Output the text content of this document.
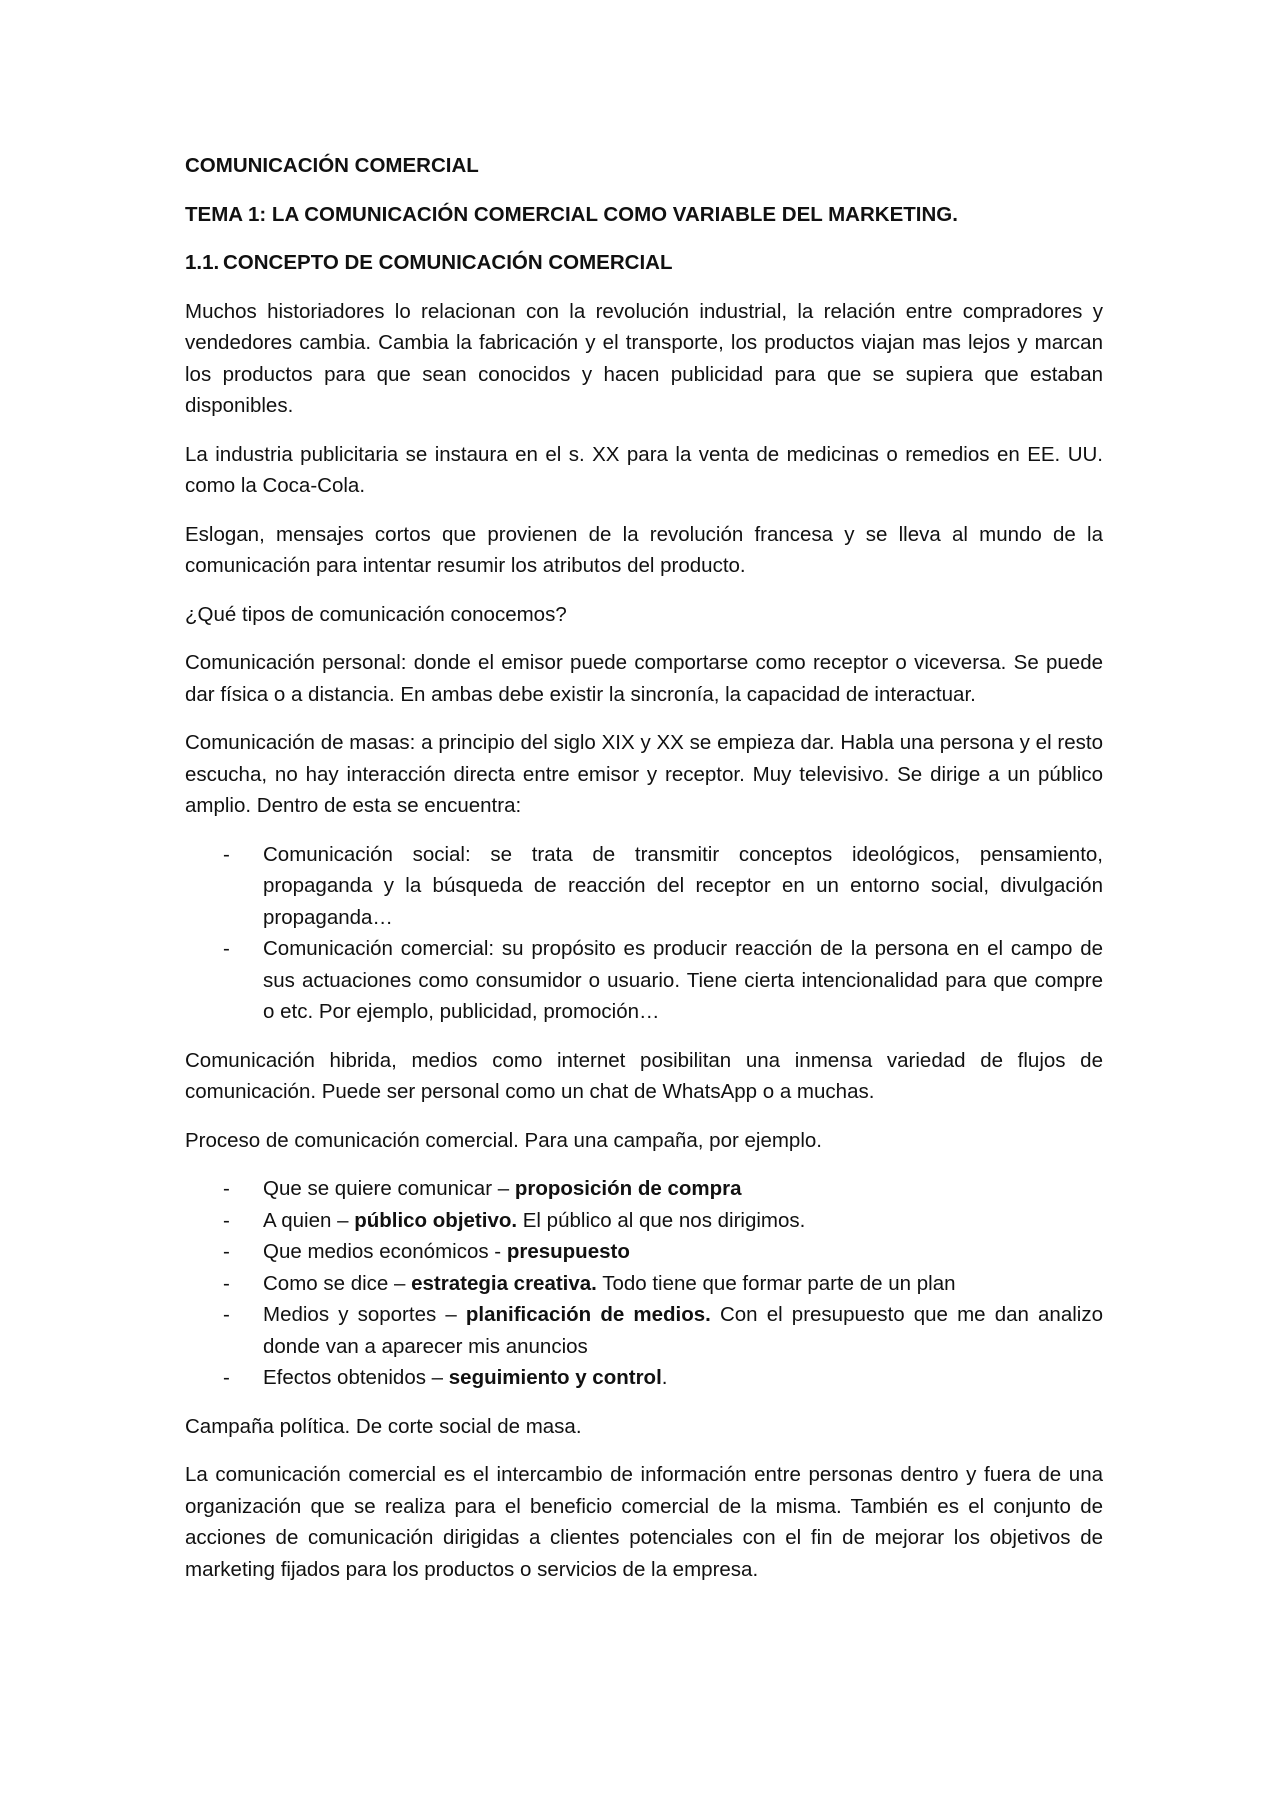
COMUNICACIÓN COMERCIAL
TEMA 1: LA COMUNICACIÓN COMERCIAL COMO VARIABLE DEL MARKETING.
1.1. CONCEPTO DE COMUNICACIÓN COMERCIAL

Muchos historiadores lo relacionan con la revolución industrial, la relación entre compradores y vendedores cambia. Cambia la fabricación y el transporte, los productos viajan mas lejos y marcan los productos para que sean conocidos y hacen publicidad para que se supiera que estaban disponibles.

La industria publicitaria se instaura en el s. XX para la venta de medicinas o remedios en EE. UU. como la Coca-Cola.

Eslogan, mensajes cortos que provienen de la revolución francesa y se lleva al mundo de la comunicación para intentar resumir los atributos del producto.

¿Qué tipos de comunicación conocemos?

Comunicación personal: donde el emisor puede comportarse como receptor o viceversa. Se puede dar física o a distancia. En ambas debe existir la sincronía, la capacidad de interactuar.

Comunicación de masas: a principio del siglo XIX y XX se empieza dar. Habla una persona y el resto escucha, no hay interacción directa entre emisor y receptor. Muy televisivo. Se dirige a un público amplio. Dentro de esta se encuentra:

- Comunicación social: se trata de transmitir conceptos ideológicos, pensamiento, propaganda y la búsqueda de reacción del receptor en un entorno social, divulgación propaganda…
- Comunicación comercial: su propósito es producir reacción de la persona en el campo de sus actuaciones como consumidor o usuario. Tiene cierta intencionalidad para que compre o etc. Por ejemplo, publicidad, promoción…

Comunicación hibrida, medios como internet posibilitan una inmensa variedad de flujos de comunicación. Puede ser personal como un chat de WhatsApp o a muchas.

Proceso de comunicación comercial. Para una campaña, por ejemplo.

- Que se quiere comunicar – proposición de compra
- A quien – público objetivo. El público al que nos dirigimos.
- Que medios económicos - presupuesto
- Como se dice – estrategia creativa. Todo tiene que formar parte de un plan
- Medios y soportes – planificación de medios. Con el presupuesto que me dan analizo donde van a aparecer mis anuncios
- Efectos obtenidos – seguimiento y control.

Campaña política. De corte social de masa.

La comunicación comercial es el intercambio de información entre personas dentro y fuera de una organización que se realiza para el beneficio comercial de la misma. También es el conjunto de acciones de comunicación dirigidas a clientes potenciales con el fin de mejorar los objetivos de marketing fijados para los productos o servicios de la empresa.
